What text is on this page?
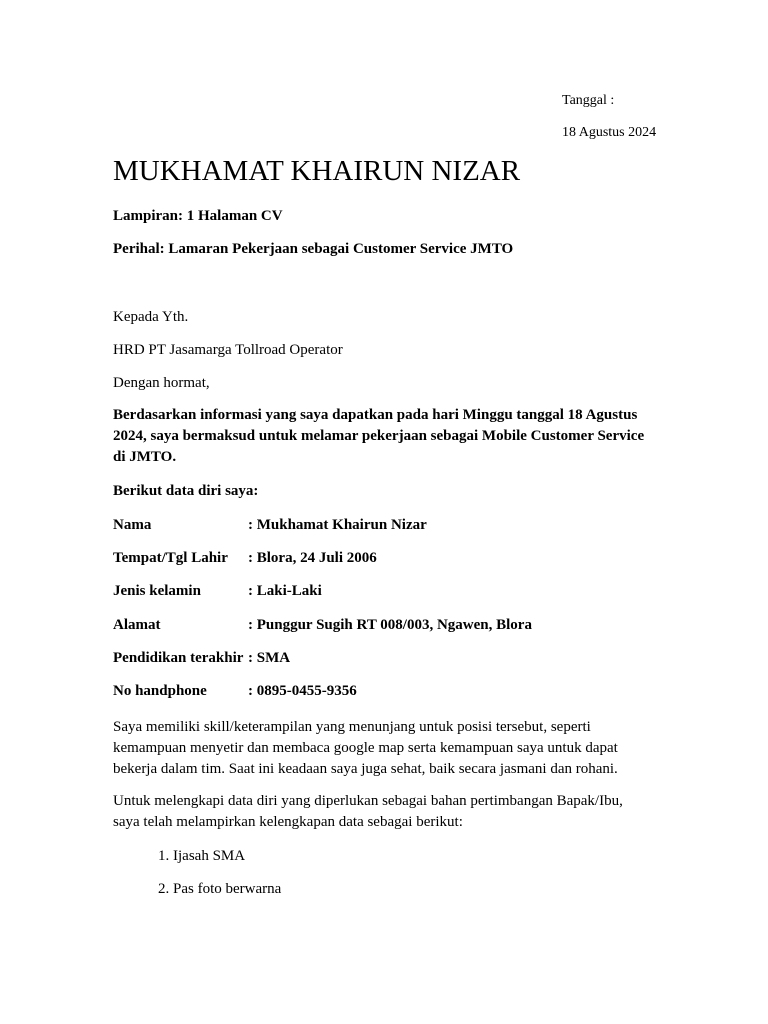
Tanggal :
18 Agustus 2024
MUKHAMAT KHAIRUN NIZAR
Lampiran: 1 Halaman CV
Perihal: Lamaran Pekerjaan sebagai Customer Service JMTO
Kepada Yth.
HRD PT Jasamarga Tollroad Operator
Dengan hormat,
Berdasarkan informasi yang saya dapatkan pada hari Minggu tanggal 18 Agustus
2024, saya bermaksud untuk melamar pekerjaan sebagai Mobile Customer Service
di JMTO.
Berikut data diri saya:
Nama	: Mukhamat Khairun Nizar
Tempat/Tgl Lahir : Blora, 24 Juli 2006
Jenis kelamin	: Laki-Laki
Alamat	: Punggur Sugih RT 008/003, Ngawen, Blora
Pendidikan terakhir : SMA
No handphone	: 0895-0455-9356
Saya memiliki skill/keterampilan yang menunjang untuk posisi tersebut, seperti
kemampuan menyetir dan membaca google map serta kemampuan saya untuk dapat
bekerja dalam tim. Saat ini keadaan saya juga sehat, baik secara jasmani dan rohani.
Untuk melengkapi data diri yang diperlukan sebagai bahan pertimbangan Bapak/Ibu,
saya telah melampirkan kelengkapan data sebagai berikut:
1. Ijasah SMA
2. Pas foto berwarna
